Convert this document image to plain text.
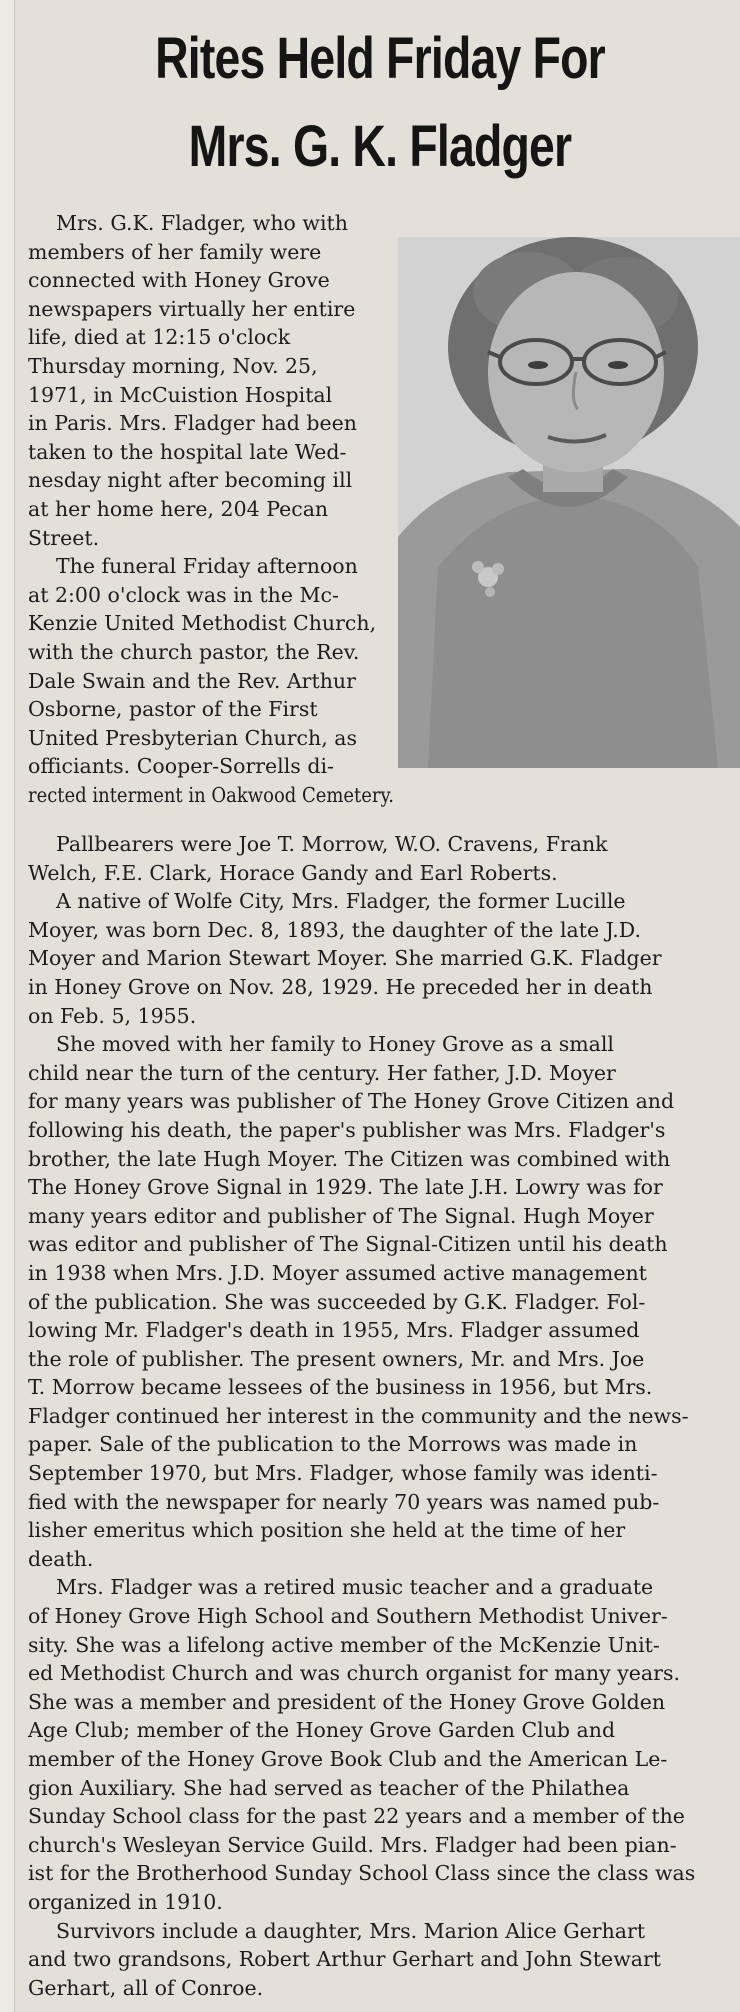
Rites Held Friday For
Mrs. G. K. Fladger
Mrs. G.K. Fladger, who with
members of her family were
connected with Honey Grove
newspapers virtually her entire
life, died at 12:15 o'clock
Thursday morning, Nov. 25,
1971, in McCuistion Hospital
in Paris. Mrs. Fladger had been
taken to the hospital late Wed-
nesday night after becoming ill
at her home here, 204 Pecan
Street.
The funeral Friday afternoon
at 2:00 o'clock was in the Mc-
Kenzie United Methodist Church,
with the church pastor, the Rev.
Dale Swain and the Rev. Arthur
Osborne, pastor of the First
United Presbyterian Church, as
officiants. Cooper-Sorrells di-
rected interment in Oakwood Cemetery.
Pallbearers were Joe T. Morrow, W.O. Cravens, Frank
Welch, F.E. Clark, Horace Gandy and Earl Roberts.
A native of Wolfe City, Mrs. Fladger, the former Lucille
Moyer, was born Dec. 8, 1893, the daughter of the late J.D.
Moyer and Marion Stewart Moyer. She married G.K. Fladger
in Honey Grove on Nov. 28, 1929. He preceded her in death
on Feb. 5, 1955.
She moved with her family to Honey Grove as a small
child near the turn of the century. Her father, J.D. Moyer
for many years was publisher of The Honey Grove Citizen and
following his death, the paper's publisher was Mrs. Fladger's
brother, the late Hugh Moyer. The Citizen was combined with
The Honey Grove Signal in 1929. The late J.H. Lowry was for
many years editor and publisher of The Signal. Hugh Moyer
was editor and publisher of The Signal-Citizen until his death
in 1938 when Mrs. J.D. Moyer assumed active management
of the publication. She was succeeded by G.K. Fladger. Fol-
lowing Mr. Fladger's death in 1955, Mrs. Fladger assumed
the role of publisher. The present owners, Mr. and Mrs. Joe
T. Morrow became lessees of the business in 1956, but Mrs.
Fladger continued her interest in the community and the news-
paper. Sale of the publication to the Morrows was made in
September 1970, but Mrs. Fladger, whose family was identi-
fied with the newspaper for nearly 70 years was named pub-
lisher emeritus which position she held at the time of her
death.
Mrs. Fladger was a retired music teacher and a graduate
of Honey Grove High School and Southern Methodist Univer-
sity. She was a lifelong active member of the McKenzie Unit-
ed Methodist Church and was church organist for many years.
She was a member and president of the Honey Grove Golden
Age Club; member of the Honey Grove Garden Club and
member of the Honey Grove Book Club and the American Le-
gion Auxiliary. She had served as teacher of the Philathea
Sunday School class for the past 22 years and a member of the
church's Wesleyan Service Guild. Mrs. Fladger had been pian-
ist for the Brotherhood Sunday School Class since the class was
organized in 1910.
Survivors include a daughter, Mrs. Marion Alice Gerhart
and two grandsons, Robert Arthur Gerhart and John Stewart
Gerhart, all of Conroe.
